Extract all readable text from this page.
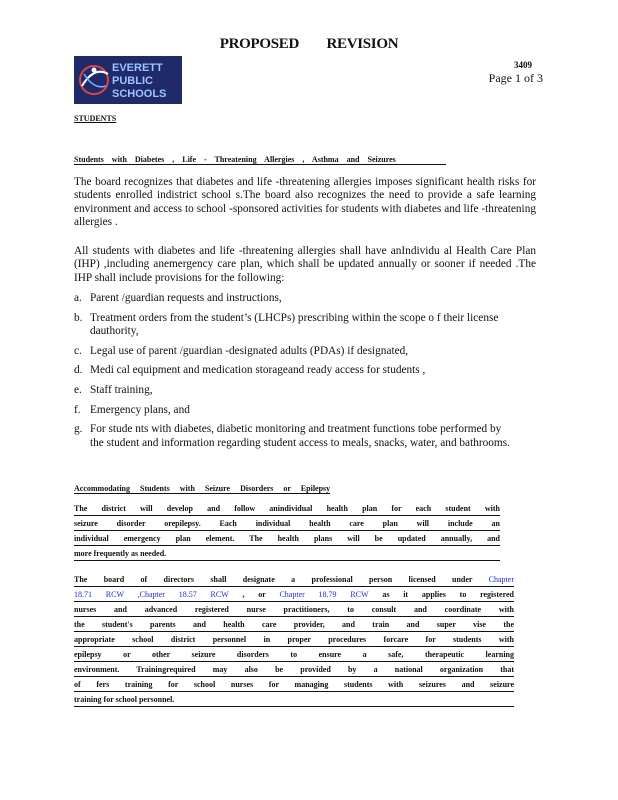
PROPOSED REVISION
EVERETT
PUBLIC
SCHOOLS
3409
Page 1 of 3
STUDENTS
Students with Diabetes , Life - Threatening Allergies , Asthma and Seizures
The board recognizes that diabetes and life -threatening allergies imposes significant health risks for students enrolled indistrict school s.The board also recognizes the need to provide a safe learning environment and access to school -sponsored activities for students with diabetes and life -threatening allergies .
All students with diabetes and life -threatening allergies shall have anIndividu al Health Care Plan (IHP) ,including anemergency care plan, which shall be updated annually or sooner if needed .The IHP shall include provisions for the following:
a. Parent /guardian requests and instructions,
b. Treatment orders from the student’s (LHCPs) prescribing within the scope o f their license dauthority,
c. Legal use of parent /guardian -designated adults (PDAs) if designated,
d. Medi cal equipment and medication storageand ready access for students ,
e. Staff training,
f. Emergency plans, and
g. For stude nts with diabetes, diabetic monitoring and treatment functions tobe performed by the student and information regarding student access to meals, snacks, water, and bathrooms.
Accommodating Students with Seizure Disorders or Epilepsy
The district will develop and follow anindividual health plan for each student with
seizure disorder orepilepsy. Each individual health care plan will include an
individual emergency plan element. The health plans will be updated annually, and
more frequently as needed.
The board of directors shall designate a professional person licensed under Chapter
18.71 RCW ,Chapter 18.57 RCW , or Chapter 18.79 RCW as it applies to registered
nurses and advanced registered nurse practitioners, to consult and coordinate with
the student's parents and health care provider, and train and super vise the
appropriate school district personnel in proper procedures forcare for students with
epilepsy or other seizure disorders to ensure a safe, therapeutic learning
environment. Trainingrequired may also be provided by a national organization that
of fers training for school nurses for managing students with seizures and seizure
training for school personnel.
